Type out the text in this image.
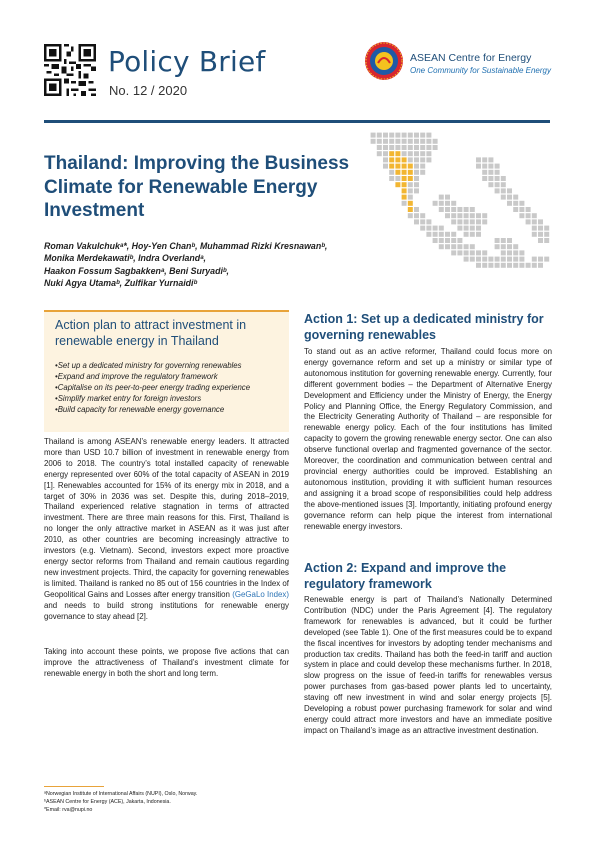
Policy Brief
No. 12 / 2020
ASEAN Centre for Energy
One Community for Sustainable Energy
Thailand: Improving the Business Climate for Renewable Energy Investment
Roman Vakulchukᵃ*, Hoy-Yen Chanᵇ, Muhammad Rizki Kresnawanᵇ,
Monika Merdekawatiᵇ, Indra Overlandᵃ,
Haakon Fossum Sagbakkenᵃ, Beni Suryadiᵇ,
Nuki Agya Utamaᵇ, Zulfikar Yurnaidiᵇ
Action plan to attract investment in renewable energy in Thailand
• Set up a dedicated ministry for governing renewables
• Expand and improve the regulatory framework
• Capitalise on its peer-to-peer energy trading experience
• Simplify market entry for foreign investors
• Build capacity for renewable energy governance

Thailand is among ASEAN’s renewable energy leaders. It attracted more than USD 10.7 billion of investment in renewable energy from 2006 to 2018. The country’s total installed capacity of renewable energy represented over 60% of the total capacity of ASEAN in 2019 [1]. Renewables accounted for 15% of its energy mix in 2018, and a target of 30% in 2036 was set. Despite this, during 2018–2019, Thailand experienced relative stagnation in terms of attracted investment. There are three main reasons for this. First, Thailand is no longer the only attractive market in ASEAN as it was just after 2010, as other countries are becoming increasingly attractive to investors (e.g. Vietnam). Second, investors expect more proactive energy sector reforms from Thailand and remain cautious regarding new investment projects. Third, the capacity for governing renewables is limited. Thailand is ranked no 85 out of 156 countries in the Index of Geopolitical Gains and Losses after energy transition (GeGaLo Index) and needs to build strong institutions for renewable energy governance to stay ahead [2].

Taking into account these points, we propose five actions that can improve the attractiveness of Thailand’s investment climate for renewable energy in both the short and long term.

Action 1: Set up a dedicated ministry for governing renewables

To stand out as an active reformer, Thailand could focus more on energy governance reform and set up a ministry or similar type of autonomous institution for governing renewable energy. Currently, four different government bodies – the Department of Alternative Energy Development and Efficiency under the Ministry of Energy, the Energy Policy and Planning Office, the Energy Regulatory Commission, and the Electricity Generating Authority of Thailand – are responsible for renewable energy policy. Each of the four institutions has limited capacity to govern the growing renewable energy sector. One can also observe functional overlap and fragmented governance of the sector. Moreover, the coordination and communication between central and provincial energy authorities could be improved. Establishing an autonomous institution, providing it with sufficient human resources and assigning it a broad scope of responsibilities could help address the above-mentioned issues [3]. Importantly, initiating profound energy governance reform can help pique the interest from international renewable energy investors.

Action 2: Expand and improve the regulatory framework

Renewable energy is part of Thailand’s Nationally Determined Contribution (NDC) under the Paris Agreement [4]. The regulatory framework for renewables is advanced, but it could be further developed (see Table 1). One of the first measures could be to expand the fiscal incentives for investors by adopting tender mechanisms and production tax credits. Thailand has both the feed-in tariff and auction system in place and could develop these mechanisms further. In 2018, slow progress on the issue of feed-in tariffs for renewables versus power purchases from gas-based power plants led to uncertainty, staving off new investment in wind and solar energy projects [5]. Developing a robust power purchasing framework for solar and wind energy could attract more investors and have an immediate positive impact on Thailand’s image as an attractive investment destination.

ᵃNorwegian Institute of International Affairs (NUPI), Oslo, Norway.
ᵇASEAN Centre for Energy (ACE), Jakarta, Indonesia.
*Email: rva@nupi.no
